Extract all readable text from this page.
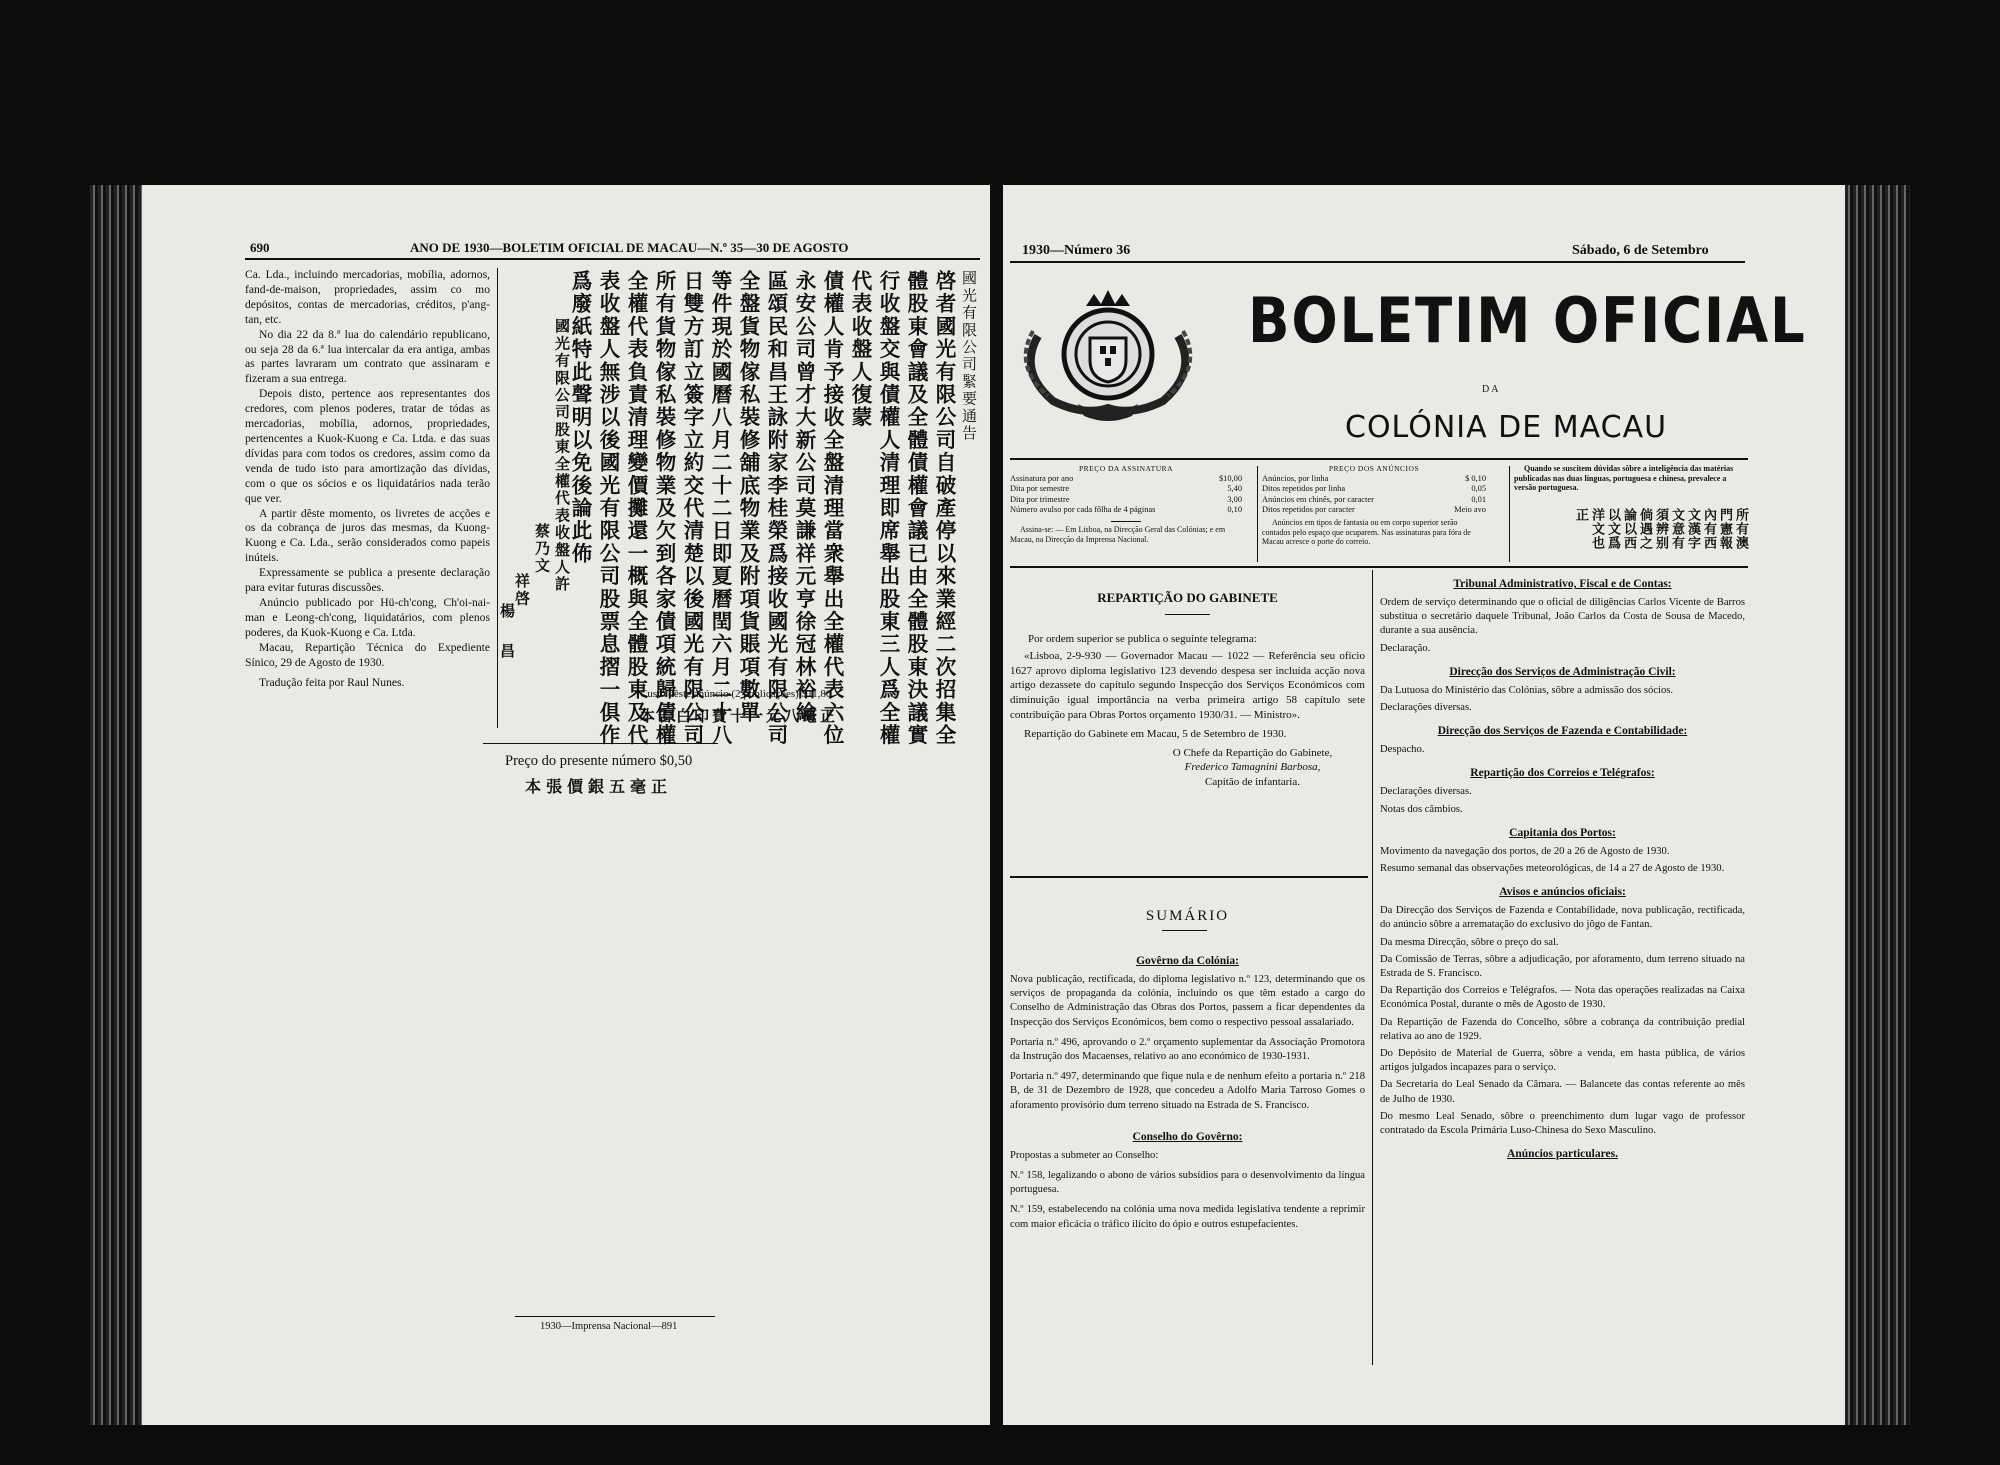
690	ANO DE 1930—BOLETIM OFICIAL DE MACAU—N.º 35—30 DE AGOSTO

Ca. Lda., incluindo mercadorias, mobília, adornos, fand-de-maison, propriedades, assim co mo depósitos, contas de mercadorias, créditos, p'ang-tan, etc.

No dia 22 da 8.ª lua do calendário republicano, ou seja 28 da 6.ª lua intercalar da era antiga, ambas as partes lavraram um contrato que assinaram e fizeram a sua entrega.

Depois disto, pertence aos representantes dos credores, com plenos poderes, tratar de tódas as mercadorias, mobília, adornos, propriedades, pertencentes a Kuok-Kuong e Ca. Ltda. e das suas dívidas para com todos os credores, assim como da venda de tudo isto para amortização das dívidas, com o que os sócios e os liquidatários nada terão que ver.

A partir dêste momento, os livretes de acções e os da cobrança de juros das mesmas, da Kuong-Kuong e Ca. Lda., serão considerados como papeis inúteis.

Expressamente se publica a presente declaração para evitar futuras discussões.

Anúncio publicado por Hü-ch'cong, Ch'oi-nai-man e Leong-ch'cong, liquidatários, com plenos poderes, da Kuok-Kuong e Ca. Ltda.

Macau, Repartição Técnica do Expediente Sínico, 29 de Agosto de 1930.

Tradução feita por Raul Nunes.

國光有限公司緊要通告
啓者國光有限公司自破產停以來業經二次招集全
體股東會議及全體債權會議已由全體股東決議實
行收盤交與債權人清理即席舉出股東三人爲全權
代表收盤人復蒙
債權人肯予接收全盤清理當衆舉出全權代表六位
永安公司曾才大新公司莫謙祥元亨徐冠林裕綸
區頌民和昌王詠附家李桂榮爲接收國光有限公司
全盤貨物傢私裝修舖底物業及附項貨賬項數單
等件現於國曆八月二十二日即夏曆閏六月二十八
日雙方訂立簽字立約交代清楚以後國光有限公司
所有貨物傢私裝修物業及欠到各家債項統歸債權
全權代表負責清理變價攤還一概與全體股東及代
表收盤人無涉以後國光有限公司股票息摺一俱作
爲廢紙特此聲明以免後論此佈
國光有限公司股東全權代表收盤人許
蔡乃文
祥啓
楊
昌
Custo dêste anúncio (2 publicações) $11,80
本告白印費十一元八毫正
Preço do presente número $0,50
本張價銀五毫正
1930—Imprensa Nacional—891
1930—Número 36	Sábado, 6 de Setembro
BOLETIM OFICIAL
DA
COLÓNIA DE MACAU
PREÇO DA ASSINATURA
Assinatura por ano	$10,00
Dita por semestre	5,40
Dita por trimestre	3,00
Número avulso por cada fôlha de 4 páginas	0,10
Assina-se: — Em Lisboa, na Direcção Geral das Colónias; e em Macau, na Direcção da Imprensa Nacional.
PREÇO DOS ANÚNCIOS
Anúncios, por linha	$ 0,10
Ditos repetidos por linha	0,05
Anúncios em chinês, por caracter	0,01
Ditos repetidos por caracter	Meio avo
Anúncios em tipos de fantasia ou em corpo superior serão contados pelo espaço que ocuparem. Nas assinaturas para fóra de Macau acresce o porte do correio.
Quando se suscitem dúvidas sôbre a inteligência das matérias publicadas nas duas línguas, portuguesa e chinesa, prevalece a versão portuguesa.
所有澳
門憲報
內有西
文漢字
文意有
須辨别
倘遇之
論以西
以文爲
洋文也
正
REPARTIÇÃO DO GABINETE

Por ordem superior se publica o seguinte telegrama:

«Lisboa, 2-9-930 — Governador Macau — 1022 — Referência seu ofício 1627 aprovo diploma legislativo 123 devendo despesa ser incluída acção nova artigo dezassete do capítulo segundo Inspecção dos Serviços Económicos com diminuição igual importância na verba primeira artigo 58 capítulo sete contribuição para Obras Portos orçamento 1930/31. — Ministro».

Repartição do Gabinete em Macau, 5 de Setembro de 1930.

O Chefe da Repartição do Gabinete,
Frederico Tamagnini Barbosa,
Capitão de infantaria.
SUMÁRIO
Govêrno da Colónia:
Nova publicação, rectificada, do diploma legislativo n.º 123, determinando que os serviços de propaganda da colónia, incluindo os que têm estado a cargo do Conselho de Administração das Obras dos Portos, passem a ficar dependentes da Inspecção dos Serviços Económicos, bem como o respectivo pessoal assalariado.
Portaria n.º 496, aprovando o 2.º orçamento suplementar da Associação Promotora da Instrução dos Macaenses, relativo ao ano económico de 1930-1931.
Portaria n.º 497, determinando que fique nula e de nenhum efeito a portaria n.º 218 B, de 31 de Dezembro de 1928, que concedeu a Adolfo Maria Tarroso Gomes o aforamento provisório dum terreno situado na Estrada de S. Francisco.
Conselho do Govêrno:
Propostas a submeter ao Conselho:
N.º 158, legalizando o abono de vários subsídios para o desenvolvimento da língua portuguesa.
N.º 159, estabelecendo na colónia uma nova medida legislativa tendente a reprimir com maior eficácia o tráfico ilícito do ópio e outros estupefacientes.
Tribunal Administrativo, Fiscal e de Contas:
Ordem de serviço determinando que o oficial de diligências Carlos Vicente de Barros substitua o secretário daquele Tribunal, João Carlos da Costa de Sousa de Macedo, durante a sua ausência.
Declaração.
Direcção dos Serviços de Administração Civil:
Da Lutuosa do Ministério das Colónias, sôbre a admissão dos sócios.
Declarações diversas.
Direcção dos Serviços de Fazenda e Contabilidade:
Despacho.
Repartição dos Correios e Telégrafos:
Declarações diversas.
Notas dos câmbios.
Capitania dos Portos:
Movimento da navegação dos portos, de 20 a 26 de Agosto de 1930.
Resumo semanal das observações meteorológicas, de 14 a 27 de Agosto de 1930.
Avisos e anúncios oficiais:
Da Direcção dos Serviços de Fazenda e Contabilidade, nova publicação, rectificada, do anúncio sôbre a arrematação do exclusivo do jôgo de Fantan.
Da mesma Direcção, sôbre o preço do sal.
Da Comissão de Terras, sôbre a adjudicação, por aforamento, dum terreno situado na Estrada de S. Francisco.
Da Repartição dos Correios e Telégrafos. — Nota das operações realizadas na Caixa Económica Postal, durante o mês de Agosto de 1930.
Da Repartição de Fazenda do Concelho, sôbre a cobrança da contribuição predial relativa ao ano de 1929.
Do Depósito de Material de Guerra, sôbre a venda, em hasta pública, de vários artigos julgados incapazes para o serviço.
Da Secretaria do Leal Senado da Câmara. — Balancete das contas referente ao mês de Julho de 1930.
Do mesmo Leal Senado, sôbre o preenchimento dum lugar vago de professor contratado da Escola Primária Luso-Chinesa do Sexo Masculino.
Anúncios particulares.
